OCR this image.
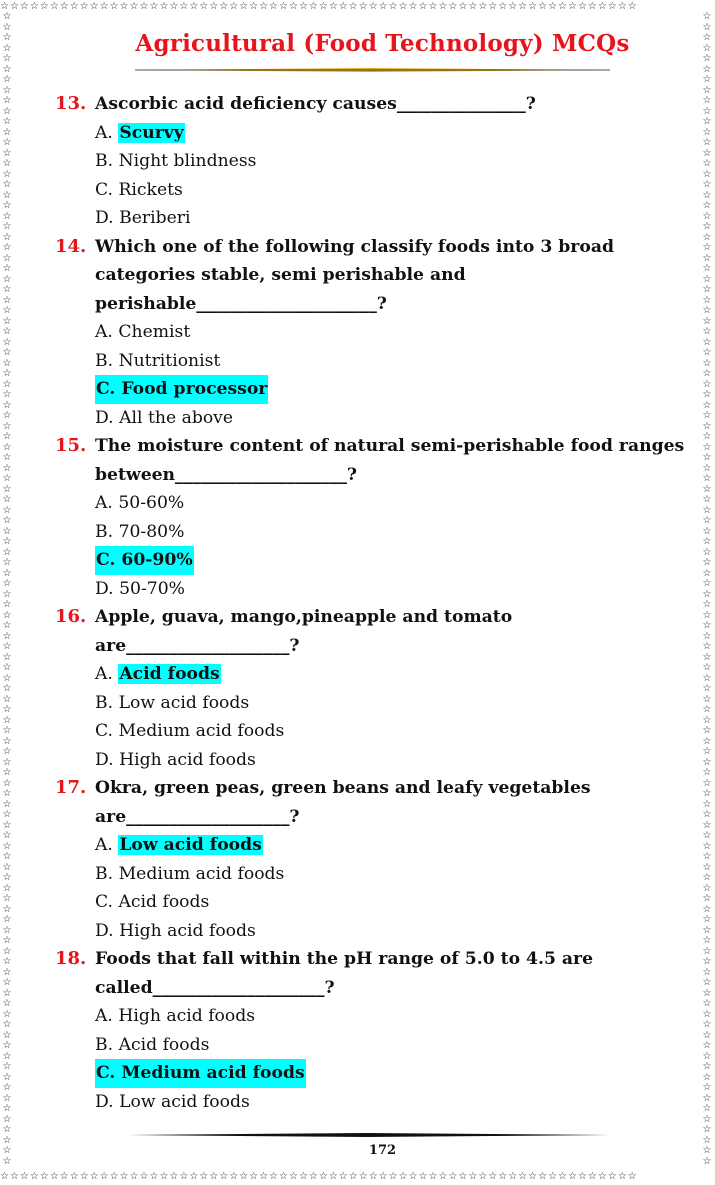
☆☆☆☆☆☆☆☆☆☆☆☆☆☆☆☆☆☆☆☆☆☆☆☆☆☆☆☆☆☆☆☆☆☆☆☆☆☆☆☆☆☆☆☆☆☆☆☆☆☆☆☆☆☆☆☆☆☆☆☆☆☆☆☆
☆☆☆☆☆☆☆☆☆☆☆☆☆☆☆☆☆☆☆☆☆☆☆☆☆☆☆☆☆☆☆☆☆☆☆☆☆☆☆☆☆☆☆☆☆☆☆☆☆☆☆☆☆☆☆☆☆☆☆☆☆☆☆☆
☆☆☆☆☆☆☆☆☆☆☆☆☆☆☆☆☆☆☆☆☆☆☆☆☆☆☆☆☆☆☆☆☆☆☆☆☆☆☆☆☆☆☆☆☆☆☆☆☆☆☆☆☆☆☆☆☆☆☆☆☆☆☆☆☆☆☆☆☆☆☆☆☆☆☆☆☆☆☆☆☆☆☆☆☆☆☆☆☆☆☆☆☆☆☆☆☆☆☆☆☆☆☆☆☆☆☆☆☆☆
☆☆☆☆☆☆☆☆☆☆☆☆☆☆☆☆☆☆☆☆☆☆☆☆☆☆☆☆☆☆☆☆☆☆☆☆☆☆☆☆☆☆☆☆☆☆☆☆☆☆☆☆☆☆☆☆☆☆☆☆☆☆☆☆☆☆☆☆☆☆☆☆☆☆☆☆☆☆☆☆☆☆☆☆☆☆☆☆☆☆☆☆☆☆☆☆☆☆☆☆☆☆☆☆☆☆☆☆☆☆
Agricultural (Food Technology) MCQs
13. Ascorbic acid deficiency causes_______________?
A. Scurvy
B. Night blindness
C. Rickets
D. Beriberi
14. Which one of the following classify foods into 3 broad categories stable, semi perishable and perishable_____________________?
A. Chemist
B. Nutritionist
C. Food processor
D. All the above
15. The moisture content of natural semi-perishable food ranges between____________________?
A. 50-60%
B. 70-80%
C. 60-90%
D. 50-70%
16. Apple, guava, mango,pineapple and tomato are___________________?
A. Acid foods
B. Low acid foods
C. Medium acid foods
D. High acid foods
17. Okra, green peas, green beans and leafy vegetables are___________________?
A. Low acid foods
B. Medium acid foods
C. Acid foods
D. High acid foods
18. Foods that fall within the pH range of 5.0 to 4.5 are called____________________?
A. High acid foods
B. Acid foods
C. Medium acid foods
D. Low acid foods
172
